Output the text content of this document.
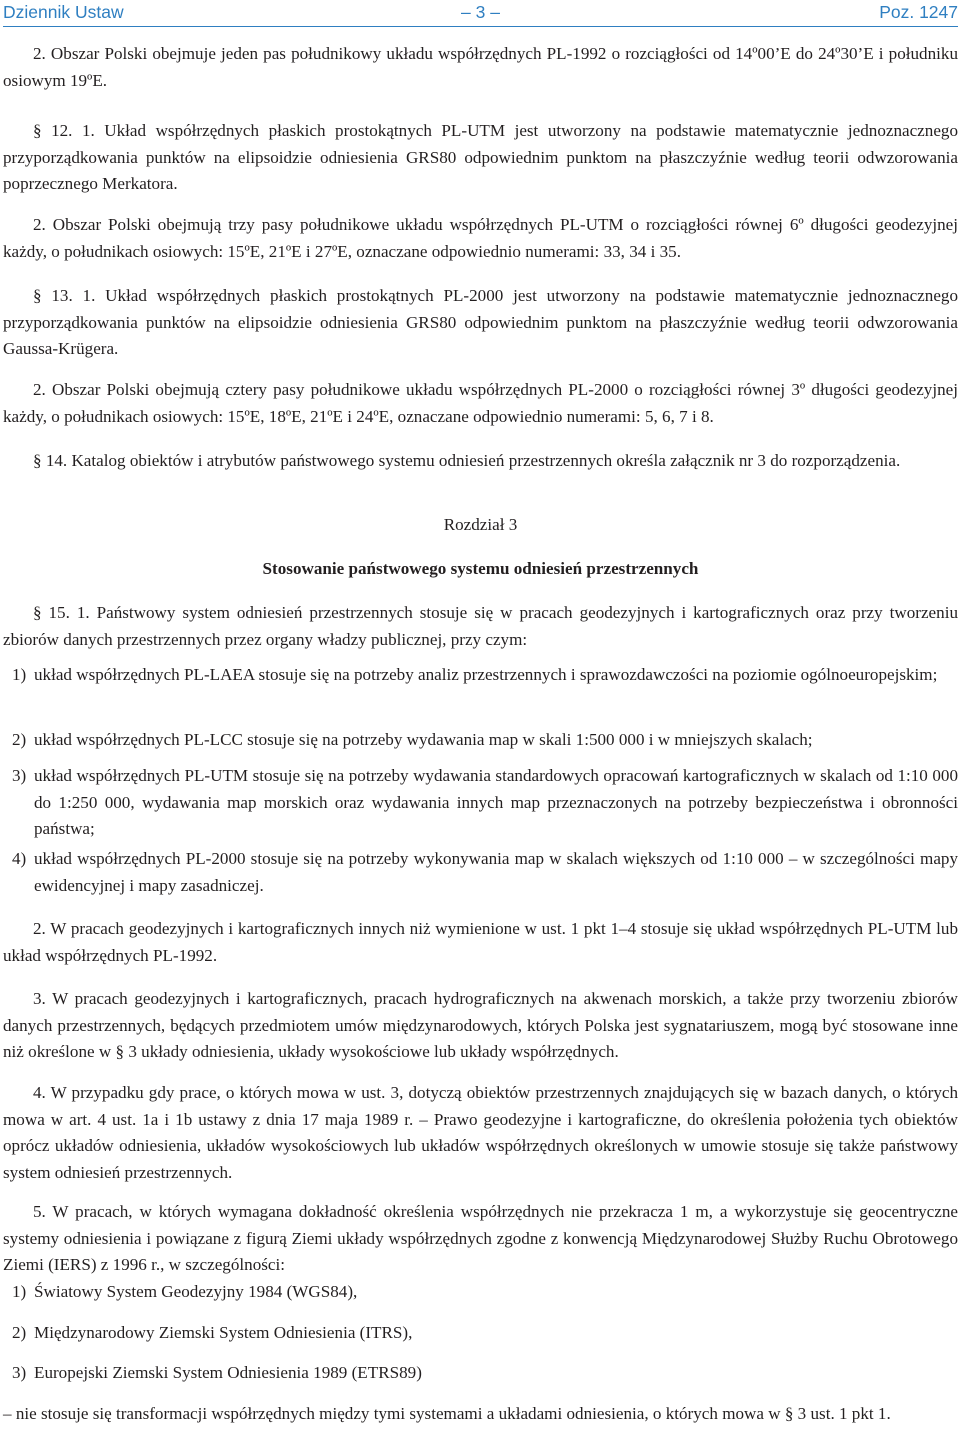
Dziennik Ustaw	– 3 –	Poz. 1247

2. Obszar Polski obejmuje jeden pas południkowy układu współrzędnych PL-1992 o rozciągłości od 14º00’E do 24º30’E i południku osiowym 19ºE.

§ 12. 1. Układ współrzędnych płaskich prostokątnych PL-UTM jest utworzony na podstawie matematycznie jednoznacznego przyporządkowania punktów na elipsoidzie odniesienia GRS80 odpowiednim punktom na płaszczyźnie według teorii odwzorowania poprzecznego Merkatora.

2. Obszar Polski obejmują trzy pasy południkowe układu współrzędnych PL-UTM o rozciągłości równej 6º długości geodezyjnej każdy, o południkach osiowych: 15ºE, 21ºE i 27ºE, oznaczane odpowiednio numerami: 33, 34 i 35.

§ 13. 1. Układ współrzędnych płaskich prostokątnych PL-2000 jest utworzony na podstawie matematycznie jednoznacznego przyporządkowania punktów na elipsoidzie odniesienia GRS80 odpowiednim punktom na płaszczyźnie według teorii odwzorowania Gaussa-Krügera.

2. Obszar Polski obejmują cztery pasy południkowe układu współrzędnych PL-2000 o rozciągłości równej 3º długości geodezyjnej każdy, o południkach osiowych: 15ºE, 18ºE, 21ºE i 24ºE, oznaczane odpowiednio numerami: 5, 6, 7 i 8.

§ 14. Katalog obiektów i atrybutów państwowego systemu odniesień przestrzennych określa załącznik nr 3 do rozporządzenia.

Rozdział 3

Stosowanie państwowego systemu odniesień przestrzennych

§ 15. 1. Państwowy system odniesień przestrzennych stosuje się w pracach geodezyjnych i kartograficznych oraz przy tworzeniu zbiorów danych przestrzennych przez organy władzy publicznej, przy czym:

1) układ współrzędnych PL-LAEA stosuje się na potrzeby analiz przestrzennych i sprawozdawczości na poziomie ogólnoeuropejskim;
2) układ współrzędnych PL-LCC stosuje się na potrzeby wydawania map w skali 1:500 000 i w mniejszych skalach;
3) układ współrzędnych PL-UTM stosuje się na potrzeby wydawania standardowych opracowań kartograficznych w skalach od 1:10 000 do 1:250 000, wydawania map morskich oraz wydawania innych map przeznaczonych na potrzeby bezpieczeństwa i obronności państwa;
4) układ współrzędnych PL-2000 stosuje się na potrzeby wykonywania map w skalach większych od 1:10 000 – w szczególności mapy ewidencyjnej i mapy zasadniczej.

2. W pracach geodezyjnych i kartograficznych innych niż wymienione w ust. 1 pkt 1–4 stosuje się układ współrzędnych PL-UTM lub układ współrzędnych PL-1992.

3. W pracach geodezyjnych i kartograficznych, pracach hydrograficznych na akwenach morskich, a także przy tworzeniu zbiorów danych przestrzennych, będących przedmiotem umów międzynarodowych, których Polska jest sygnatariuszem, mogą być stosowane inne niż określone w § 3 układy odniesienia, układy wysokościowe lub układy współrzędnych.

4. W przypadku gdy prace, o których mowa w ust. 3, dotyczą obiektów przestrzennych znajdujących się w bazach danych, o których mowa w art. 4 ust. 1a i 1b ustawy z dnia 17 maja 1989 r. – Prawo geodezyjne i kartograficzne, do określenia położenia tych obiektów oprócz układów odniesienia, układów wysokościowych lub układów współrzędnych określonych w umowie stosuje się także państwowy system odniesień przestrzennych.

5. W pracach, w których wymagana dokładność określenia współrzędnych nie przekracza 1 m, a wykorzystuje się geocentryczne systemy odniesienia i powiązane z figurą Ziemi układy współrzędnych zgodne z konwencją Międzynarodowej Służby Ruchu Obrotowego Ziemi (IERS) z 1996 r., w szczególności:

1) Światowy System Geodezyjny 1984 (WGS84),
2) Międzynarodowy Ziemski System Odniesienia (ITRS),
3) Europejski Ziemski System Odniesienia 1989 (ETRS89)

– nie stosuje się transformacji współrzędnych między tymi systemami a układami odniesienia, o których mowa w § 3 ust. 1 pkt 1.
